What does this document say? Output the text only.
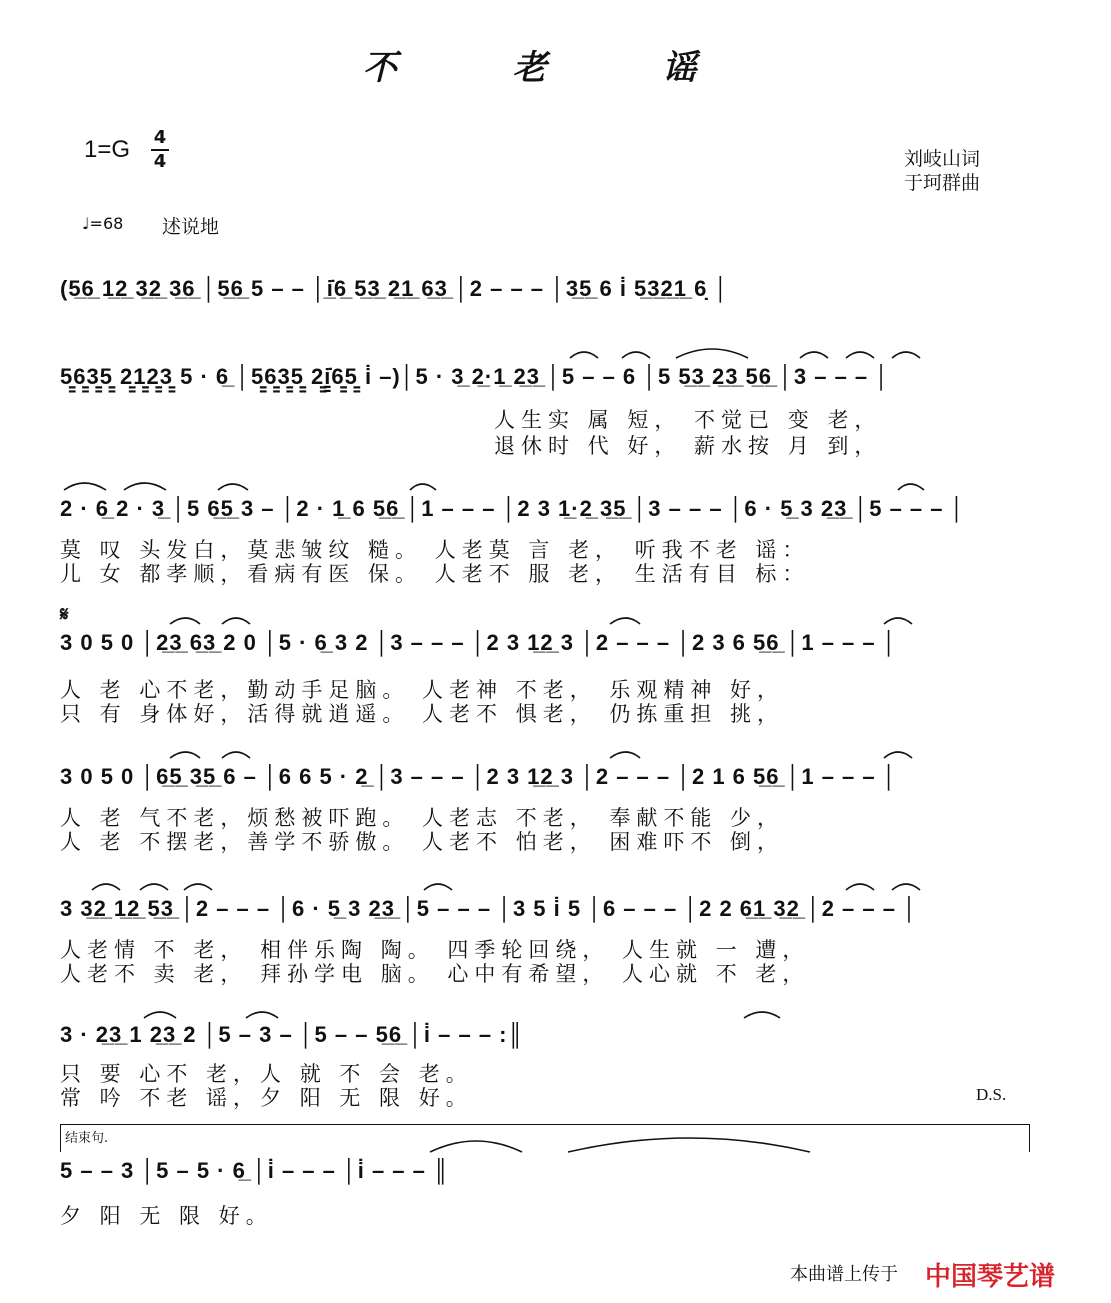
不 老 谣
1=G 4
4	刘岐山词
于珂群曲
♩=68 述说地
(5̲6̲ 1̲2̲ 3̲2̲ 3̲6̲ │5̲6̲ 5 – – │i̲̇6̲ 5̲3̲ 2̲1̲ 6̲3̲ │2 – – – │3̲5̲ 6 i̇ 5̲3̲2̲1̲ 6̣ │
5̳6̳3̳5̳ 2̳1̳2̳3̳ 5 · 6̲ │5̳6̳3̳5̳ 2̳i̳̇6̳5̳ i̇ –)│5 · 3̲ 2̲·1̲ 2̲3̲ │5 – – 6 │5 5̲3̲ 2̲3̲ 5̲6̲ │3 – – – │
人生实 属 短， 不觉已 变 老，
退休时 代 好， 薪水按 月 到，
2 · 6̲ 2 · 3̲ │5 6̲5̲ 3 – │2 · 1̲ 6 5̲6̲ │1 – – – │2 3 1̲·2̲ 3̲5̲ │3 – – – │6 · 5̲ 3 2̲3̲ │5 – – – │
莫 叹 头发白，莫悲皱纹 糙。 人老莫 言 老， 听我不老 谣：
儿 女 都孝顺，看病有医 保。 人老不 服 老， 生活有目 标：
𝄋
3 0 5 0 │2̲3̲ 6̲3̲ 2 0 │5 · 6̲ 3 2 │3 – – – │2 3 1̲2̲ 3 │2 – – – │2 3 6 5̲6̲ │1 – – – │
人 老 心不老，勤动手足脑。 人老神 不老， 乐观精神 好，
只 有 身体好，活得就逍遥。 人老不 惧老， 仍拣重担 挑，
3 0 5 0 │6̲5̲ 3̲5̲ 6 – │6 6 5 · 2̲ │3 – – – │2 3 1̲2̲ 3 │2 – – – │2 1 6 5̲6̲ │1 – – – │
人 老 气不老，烦愁被吓跑。 人老志 不老， 奉献不能 少，
人 老 不摆老，善学不骄傲。 人老不 怕老， 困难吓不 倒，
3 3̲2̲ 1̲2̲ 5̲3̲ │2 – – – │6 · 5̲ 3 2̲3̲ │5 – – – │3 5 i̇ 5 │6 – – – │2 2 6̲1̲ 3̲2̲ │2 – – – │
人老情 不 老， 相伴乐陶 陶。 四季轮回绕， 人生就 一 遭，
人老不 卖 老， 拜孙学电 脑。 心中有希望， 人心就 不 老，
3 · 2̲3̲ 1 2̲3̲ 2 │5 – 3 – │5 – – 5̲6̲ │i̇ – – – :║
只 要 心不 老，人 就 不 会 老。
常 吟 不老 谣，夕 阳 无 限 好。	D.S.
结束句.
5 – – 3 │5 – 5 · 6̲ │i̇ – – – │i̇ – – – ║
夕 阳 无 限 好。
本曲谱上传于 中国琴艺谱
